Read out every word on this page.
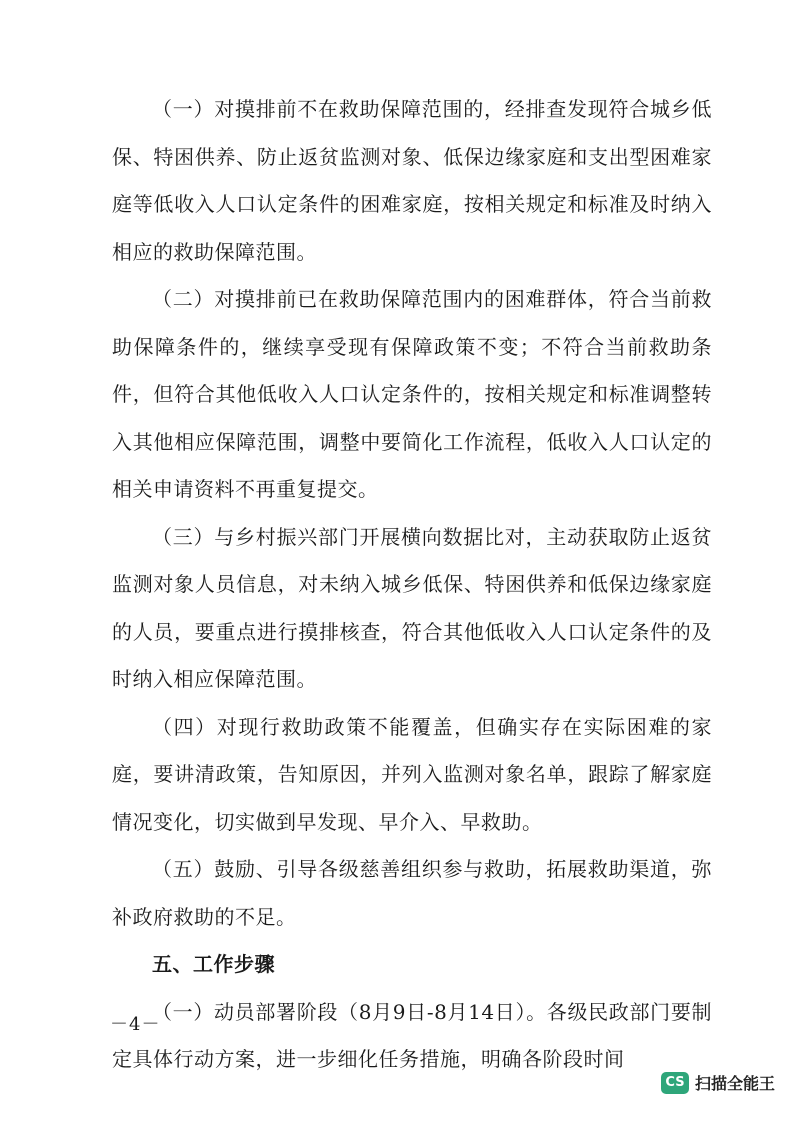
（一）对摸排前不在救助保障范围的，经排查发现符合城乡低保、特困供养、防止返贫监测对象、低保边缘家庭和支出型困难家庭等低收入人口认定条件的困难家庭，按相关规定和标准及时纳入相应的救助保障范围。

（二）对摸排前已在救助保障范围内的困难群体，符合当前救助保障条件的，继续享受现有保障政策不变；不符合当前救助条件，但符合其他低收入人口认定条件的，按相关规定和标准调整转入其他相应保障范围，调整中要简化工作流程，低收入人口认定的相关申请资料不再重复提交。

（三）与乡村振兴部门开展横向数据比对，主动获取防止返贫监测对象人员信息，对未纳入城乡低保、特困供养和低保边缘家庭的人员，要重点进行摸排核查，符合其他低收入人口认定条件的及时纳入相应保障范围。

（四）对现行救助政策不能覆盖，但确实存在实际困难的家庭，要讲清政策，告知原因，并列入监测对象名单，跟踪了解家庭情况变化，切实做到早发现、早介入、早救助。

（五）鼓励、引导各级慈善组织参与救助，拓展救助渠道，弥补政府救助的不足。

五、工作步骤

（一）动员部署阶段（8月9日-8月14日）。各级民政部门要制定具体行动方案，进一步细化任务措施，明确各阶段时间

－4－
CS 扫描全能王
